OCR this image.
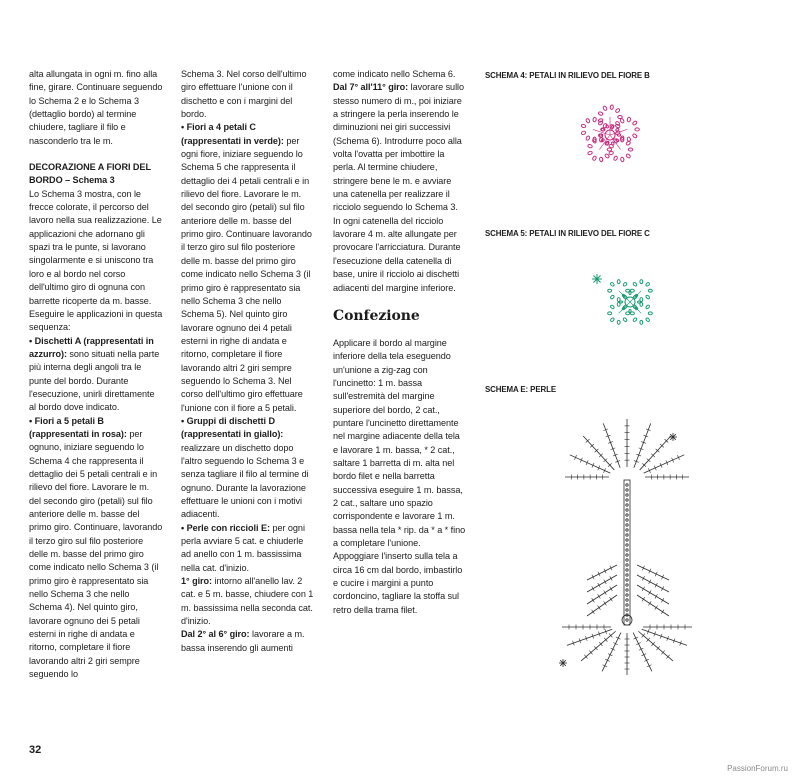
alta allungata in ogni m. fino alla fine, girare. Continuare seguendo lo Schema 2 e lo Schema 3 (dettaglio bordo) al termine chiudere, tagliare il filo e nasconderlo tra le m.

DECORAZIONE A FIORI DEL BORDO – Schema 3

Lo Schema 3 mostra, con le frecce colorate, il percorso del lavoro nella sua realizzazione. Le applicazioni che adornano gli spazi tra le punte, si lavorano singolarmente e si uniscono tra loro e al bordo nel corso dell'ultimo giro di ognuna con barrette ricoperte da m. basse. Eseguire le applicazioni in questa sequenza:

• Dischetti A (rappresentati in azzurro): sono situati nella parte più interna degli angoli tra le punte del bordo. Durante l'esecuzione, unirli direttamente al bordo dove indicato.

• Fiori a 5 petali B (rappresentati in rosa): per ognuno, iniziare seguendo lo Schema 4 che rappresenta il dettaglio dei 5 petali centrali e in rilievo del fiore. Lavorare le m. del secondo giro (petali) sul filo anteriore delle m. basse del primo giro. Continuare, lavorando il terzo giro sul filo posteriore delle m. basse del primo giro come indicato nello Schema 3 (il primo giro è rappresentato sia nello Schema 3 che nello Schema 4). Nel quinto giro, lavorare ognuno dei 5 petali esterni in righe di andata e ritorno, completare il fiore lavorando altri 2 giri sempre seguendo lo

Schema 3. Nel corso dell'ultimo giro effettuare l'unione con il dischetto e con i margini del bordo.

• Fiori a 4 petali C (rappresentati in verde): per ogni fiore, iniziare seguendo lo Schema 5 che rappresenta il dettaglio dei 4 petali centrali e in rilievo del fiore. Lavorare le m. del secondo giro (petali) sul filo anteriore delle m. basse del primo giro. Continuare lavorando il terzo giro sul filo posteriore delle m. basse del primo giro come indicato nello Schema 3 (il primo giro è rappresentato sia nello Schema 3 che nello Schema 5). Nel quinto giro lavorare ognuno dei 4 petali esterni in righe di andata e ritorno, completare il fiore lavorando altri 2 giri sempre seguendo lo Schema 3. Nel corso dell'ultimo giro effettuare l'unione con il fiore a 5 petali.

• Gruppi di dischetti D (rappresentati in giallo): realizzare un dischetto dopo l'altro seguendo lo Schema 3 e senza tagliare il filo al termine di ognuno. Durante la lavorazione effettuare le unioni con i motivi adiacenti.

• Perle con riccioli E: per ogni perla avviare 5 cat. e chiuderle ad anello con 1 m. bassissima nella cat. d'inizio.

1° giro: intorno all'anello lav. 2 cat. e 5 m. basse, chiudere con 1 m. bassissima nella seconda cat. d'inizio.

Dal 2° al 6° giro: lavorare a m. bassa inserendo gli aumenti

come indicato nello Schema 6.

Dal 7° all'11° giro: lavorare sullo stesso numero di m., poi iniziare a stringere la perla inserendo le diminuzioni nei giri successivi (Schema 6). Introdurre poco alla volta l'ovatta per imbottire la perla. Al termine chiudere, stringere bene le m. e avviare una catenella per realizzare il ricciolo seguendo lo Schema 3. In ogni catenella del ricciolo lavorare 4 m. alte allungate per provocare l'arricciatura. Durante l'esecuzione della catenella di base, unire il ricciolo ai dischetti adiacenti del margine inferiore.

Confezione

Applicare il bordo al margine inferiore della tela eseguendo un'unione a zig-zag con l'uncinetto: 1 m. bassa sull'estremità del margine superiore del bordo, 2 cat., puntare l'uncinetto direttamente nel margine adiacente della tela e lavorare 1 m. bassa, * 2 cat., saltare 1 barretta di m. alta nel bordo filet e nella barretta successiva eseguire 1 m. bassa, 2 cat., saltare uno spazio corrispondente e lavorare 1 m. bassa nella tela * rip. da * a * fino a completare l'unione. Appoggiare l'inserto sulla tela a circa 16 cm dal bordo, imbastirlo e cucire i margini a punto cordoncino, tagliare la stoffa sul retro della trama filet.

SCHEMA 4: PETALI IN RILIEVO DEL FIORE B
SCHEMA 5: PETALI IN RILIEVO DEL FIORE C
SCHEMA E: PERLE
32
PassionForum.ru
